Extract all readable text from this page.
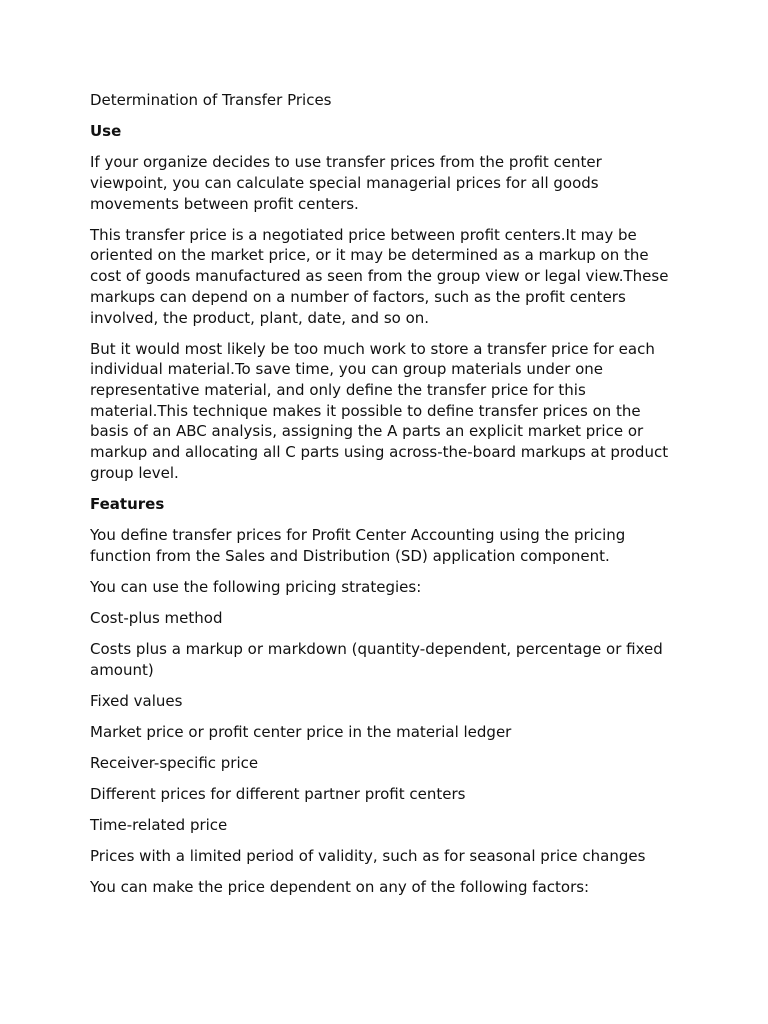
Determination of Transfer Prices

Use

If your organize decides to use transfer prices from the profit center viewpoint, you can calculate special managerial prices for all goods movements between profit centers.

This transfer price is a negotiated price between profit centers.It may be oriented on the market price, or it may be determined as a markup on the cost of goods manufactured as seen from the group view or legal view.These markups can depend on a number of factors, such as the profit centers involved, the product, plant, date, and so on.

But it would most likely be too much work to store a transfer price for each individual material.To save time, you can group materials under one representative material, and only define the transfer price for this material.This technique makes it possible to define transfer prices on the basis of an ABC analysis, assigning the A parts an explicit market price or markup and allocating all C parts using across-the-board markups at product group level.

Features

You define transfer prices for Profit Center Accounting using the pricing function from the Sales and Distribution (SD) application component.

You can use the following pricing strategies:

Cost-plus method

Costs plus a markup or markdown (quantity-dependent, percentage or fixed amount)

Fixed values

Market price or profit center price in the material ledger

Receiver-specific price

Different prices for different partner profit centers

Time-related price

Prices with a limited period of validity, such as for seasonal price changes

You can make the price dependent on any of the following factors:
